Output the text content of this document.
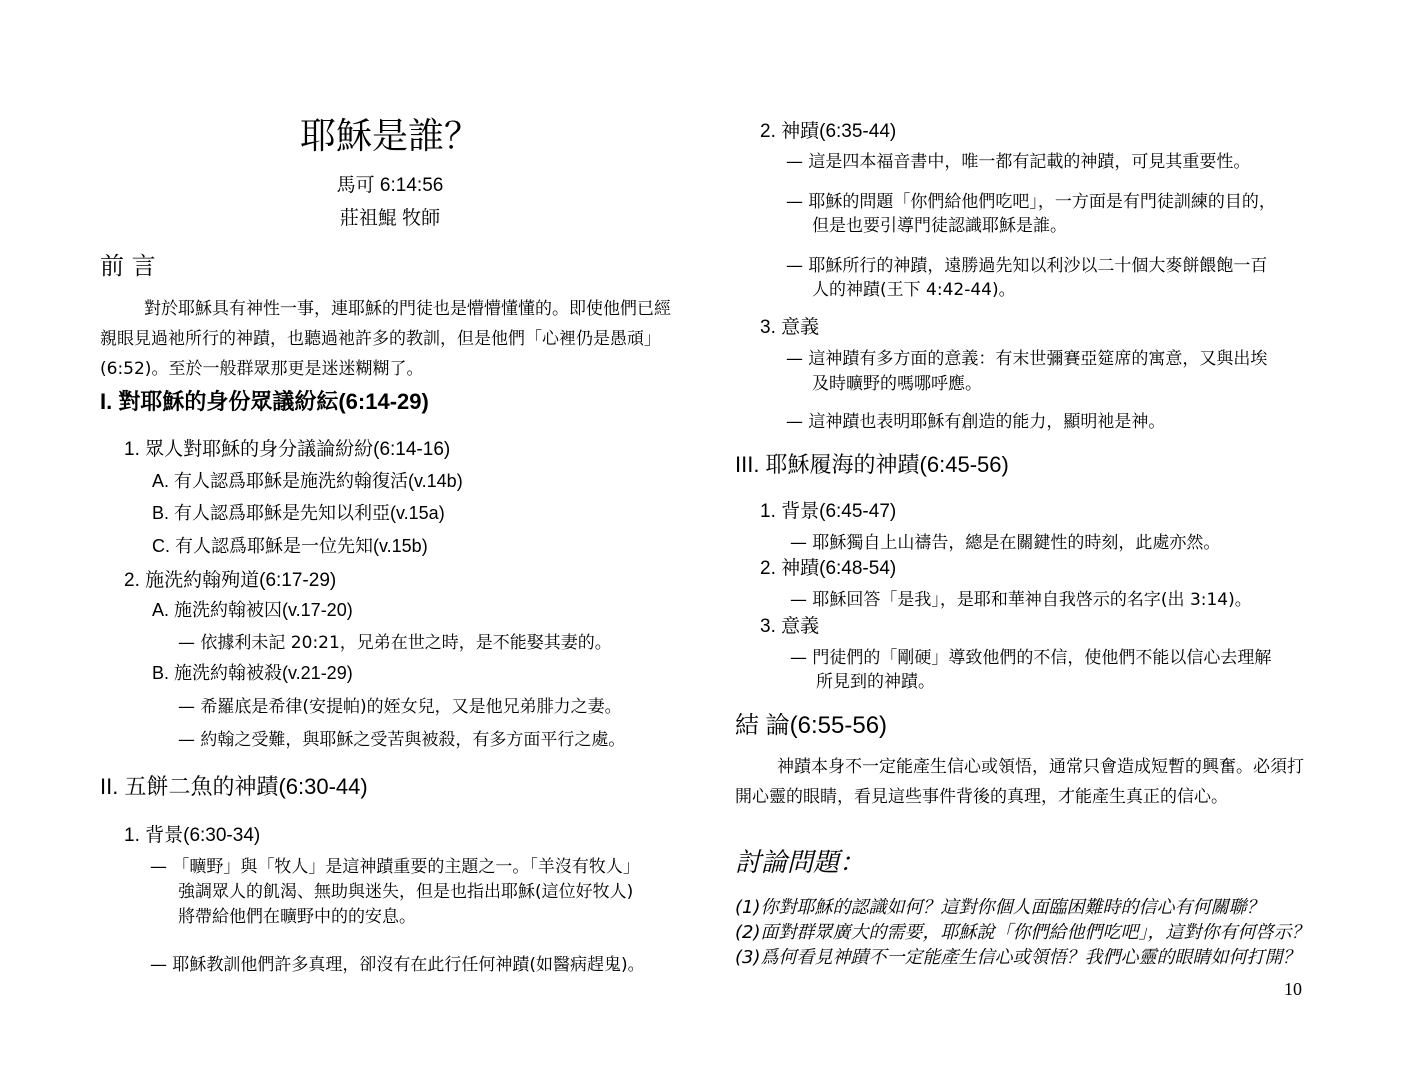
耶穌是誰？
馬可 6:14:56
莊祖鯤 牧師
前 言
對於耶穌具有神性一事，連耶穌的門徒也是懵懵懂懂的。即使他們已經親眼見過祂所行的神蹟，也聽過祂許多的教訓，但是他們「心裡仍是愚頑」(6:52)。至於一般群眾那更是迷迷糊糊了。
I. 對耶穌的身份眾議紛紜(6:14-29)
1. 眾人對耶穌的身分議論紛紛(6:14-16)
A. 有人認爲耶穌是施洗約翰復活(v.14b)
B. 有人認爲耶穌是先知以利亞(v.15a)
C. 有人認爲耶穌是一位先知(v.15b)
2. 施洗約翰殉道(6:17-29)
A. 施洗約翰被囚(v.17-20)
— 依據利未記 20:21，兄弟在世之時，是不能娶其妻的。
B. 施洗約翰被殺(v.21-29)
— 希羅底是希律(安提帕)的姪女兒，又是他兄弟腓力之妻。
— 約翰之受難，與耶穌之受苦與被殺，有多方面平行之處。
II. 五餅二魚的神蹟(6:30-44)
1. 背景(6:30-34)
— 「曠野」與「牧人」是這神蹟重要的主題之一。「羊沒有牧人」
強調眾人的飢渴、無助與迷失，但是也指出耶穌(這位好牧人)
將帶給他們在曠野中的的安息。
— 耶穌教訓他們許多真理，卻沒有在此行任何神蹟(如醫病趕鬼)。
2. 神蹟(6:35-44)
— 這是四本福音書中，唯一都有記載的神蹟，可見其重要性。
— 耶穌的問題「你們給他們吃吧」，一方面是有門徒訓練的目的，
但是也要引導門徒認識耶穌是誰。
— 耶穌所行的神蹟，遠勝過先知以利沙以二十個大麥餅餵飽一百
人的神蹟(王下 4:42-44)。
3. 意義
— 這神蹟有多方面的意義：有末世彌賽亞筵席的寓意，又與出埃
及時曠野的嗎哪呼應。
— 這神蹟也表明耶穌有創造的能力，顯明祂是神。
III. 耶穌履海的神蹟(6:45-56)
1. 背景(6:45-47)
— 耶穌獨自上山禱告，總是在關鍵性的時刻，此處亦然。
2. 神蹟(6:48-54)
— 耶穌回答「是我」，是耶和華神自我啓示的名字(出 3:14)。
3. 意義
— 門徒們的「剛硬」導致他們的不信，使他們不能以信心去理解
所見到的神蹟。
結 論(6:55-56)
神蹟本身不一定能產生信心或領悟，通常只會造成短暫的興奮。必須打開心靈的眼睛，看見這些事件背後的真理，才能產生真正的信心。
討論問題：
(1)你對耶穌的認識如何？這對你個人面臨困難時的信心有何關聯？
(2)面對群眾廣大的需要，耶穌說「你們給他們吃吧」，這對你有何啓示？
(3)爲何看見神蹟不一定能產生信心或領悟？我們心靈的眼睛如何打開？
10
